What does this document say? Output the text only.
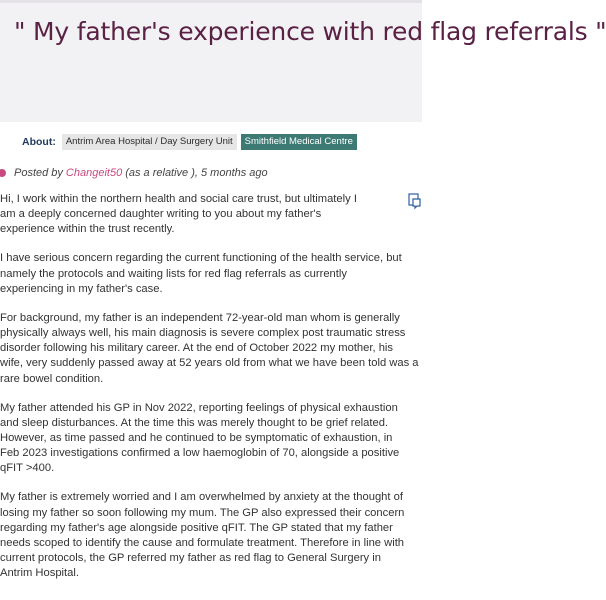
" My father's experience with red flag referrals "
About:	Antrim Area Hospital / Day Surgery Unit	Smithfield Medical Centre
Posted by Changeit50 (as a relative ), 5 months ago

Hi, I work within the northern health and social care trust, but ultimately I
am a deeply concerned daughter writing to you about my father's
experience within the trust recently.

I have serious concern regarding the current functioning of the health service, but
namely the protocols and waiting lists for red flag referrals as currently
experiencing in my father's case.

For background, my father is an independent 72-year-old man whom is generally
physically always well, his main diagnosis is severe complex post traumatic stress
disorder following his military career. At the end of October 2022 my mother, his
wife, very suddenly passed away at 52 years old from what we have been told was a
rare bowel condition.

My father attended his GP in Nov 2022, reporting feelings of physical exhaustion
and sleep disturbances. At the time this was merely thought to be grief related.
However, as time passed and he continued to be symptomatic of exhaustion, in
Feb 2023 investigations confirmed a low haemoglobin of 70, alongside a positive
qFIT >400.

My father is extremely worried and I am overwhelmed by anxiety at the thought of
losing my father so soon following my mum. The GP also expressed their concern
regarding my father's age alongside positive qFIT. The GP stated that my father
needs scoped to identify the cause and formulate treatment. Therefore in line with
current protocols, the GP referred my father as red flag to General Surgery in
Antrim Hospital.
